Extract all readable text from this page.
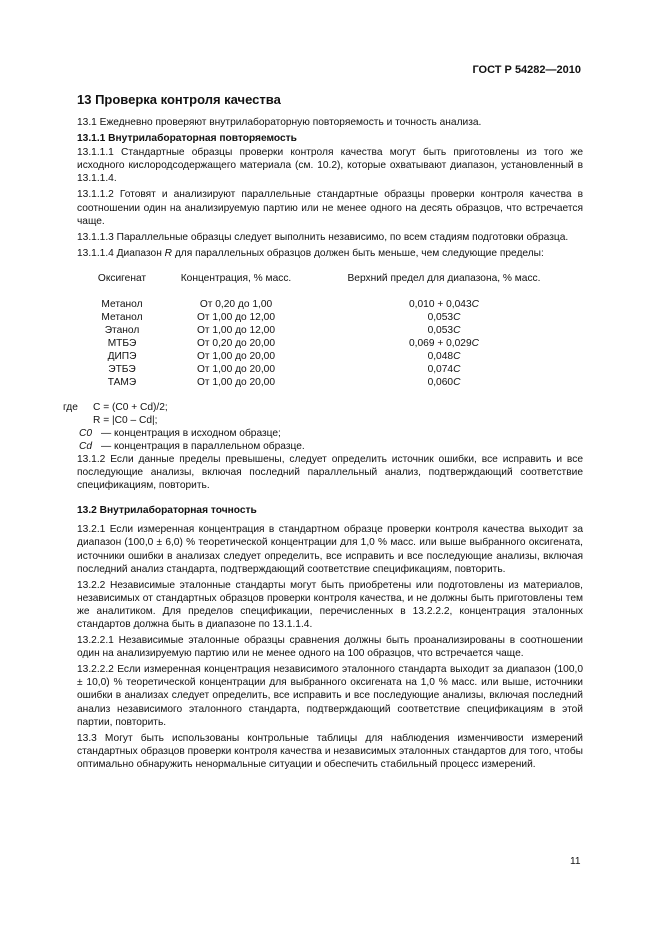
ГОСТ Р 54282—2010
13 Проверка контроля качества

13.1 Ежедневно проверяют внутрилабораторную повторяемость и точность анализа.

13.1.1 Внутрилабораторная повторяемость

13.1.1.1 Стандартные образцы проверки контроля качества могут быть приготовлены из того же исходного кислородсодержащего материала (см. 10.2), которые охватывают диапазон, установленный в 13.1.1.4.

13.1.1.2 Готовят и анализируют параллельные стандартные образцы проверки контроля качества в соотношении один на анализируемую партию или не менее одного на десять образцов, что встречается чаще.

13.1.1.3 Параллельные образцы следует выполнить независимо, по всем стадиям подготовки образца.

13.1.1.4 Диапазон R для параллельных образцов должен быть меньше, чем следующие пределы:

Оксигенат	Концентрация, % масс.	Верхний предел для диапазона, % масс.
Метанол	От 0,20 до 1,00	0,010 + 0,043C
Метанол	От 1,00 до 12,00	0,053C
Этанол	От 1,00 до 12,00	0,053C
МТБЭ	От 0,20 до 20,00	0,069 + 0,029C
ДИПЭ	От 1,00 до 20,00	0,048C
ЭТБЭ	От 1,00 до 20,00	0,074C
ТАМЭ	От 1,00 до 20,00	0,060C
где C = (C0 + Cd)/2;
R = |C0 – Cd|;
C0 — концентрация в исходном образце;
Cd — концентрация в параллельном образце.

13.1.2 Если данные пределы превышены, следует определить источник ошибки, все исправить и все последующие анализы, включая последний параллельный анализ, подтверждающий соответствие спецификациям, повторить.

13.2 Внутрилабораторная точность

13.2.1 Если измеренная концентрация в стандартном образце проверки контроля качества выходит за диапазон (100,0 ± 6,0) % теоретической концентрации для 1,0 % масс. или выше выбранного оксигената, источники ошибки в анализах следует определить, все исправить и все последующие анализы, включая последний анализ стандарта, подтверждающий соответствие спецификациям, повторить.

13.2.2 Независимые эталонные стандарты могут быть приобретены или подготовлены из материалов, независимых от стандартных образцов проверки контроля качества, и не должны быть приготовлены тем же аналитиком. Для пределов спецификации, перечисленных в 13.2.2.2, концентрация эталонных стандартов должна быть в диапазоне по 13.1.1.4.

13.2.2.1 Независимые эталонные образцы сравнения должны быть проанализированы в соотношении один на анализируемую партию или не менее одного на 100 образцов, что встречается чаще.

13.2.2.2 Если измеренная концентрация независимого эталонного стандарта выходит за диапазон (100,0 ± 10,0) % теоретической концентрации для выбранного оксигената на 1,0 % масс. или выше, источники ошибки в анализах следует определить, все исправить и все последующие анализы, включая последний анализ независимого эталонного стандарта, подтверждающий соответствие спецификациям в этой партии, повторить.

13.3 Могут быть использованы контрольные таблицы для наблюдения изменчивости измерений стандартных образцов проверки контроля качества и независимых эталонных стандартов для того, чтобы оптимально обнаружить ненормальные ситуации и обеспечить стабильный процесс измерений.

11
